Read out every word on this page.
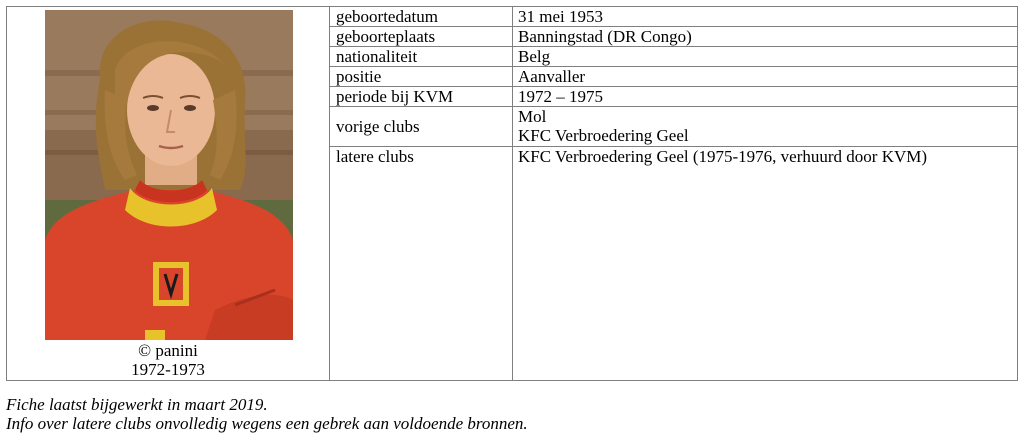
© panini
1972-1973	geboortedatum	31 mei 1953
	geboorteplaats	Banningstad (DR Congo)
	nationaliteit	Belg
	positie	Aanvaller
	periode bij KVM	1972 – 1975
	vorige clubs	Mol
KFC Verbroedering Geel

	latere clubs	KFC Verbroedering Geel (1975-1976, verhuurd door KVM)
Fiche laatst bijgewerkt in maart 2019.
Info over latere clubs onvolledig wegens een gebrek aan voldoende bronnen.
